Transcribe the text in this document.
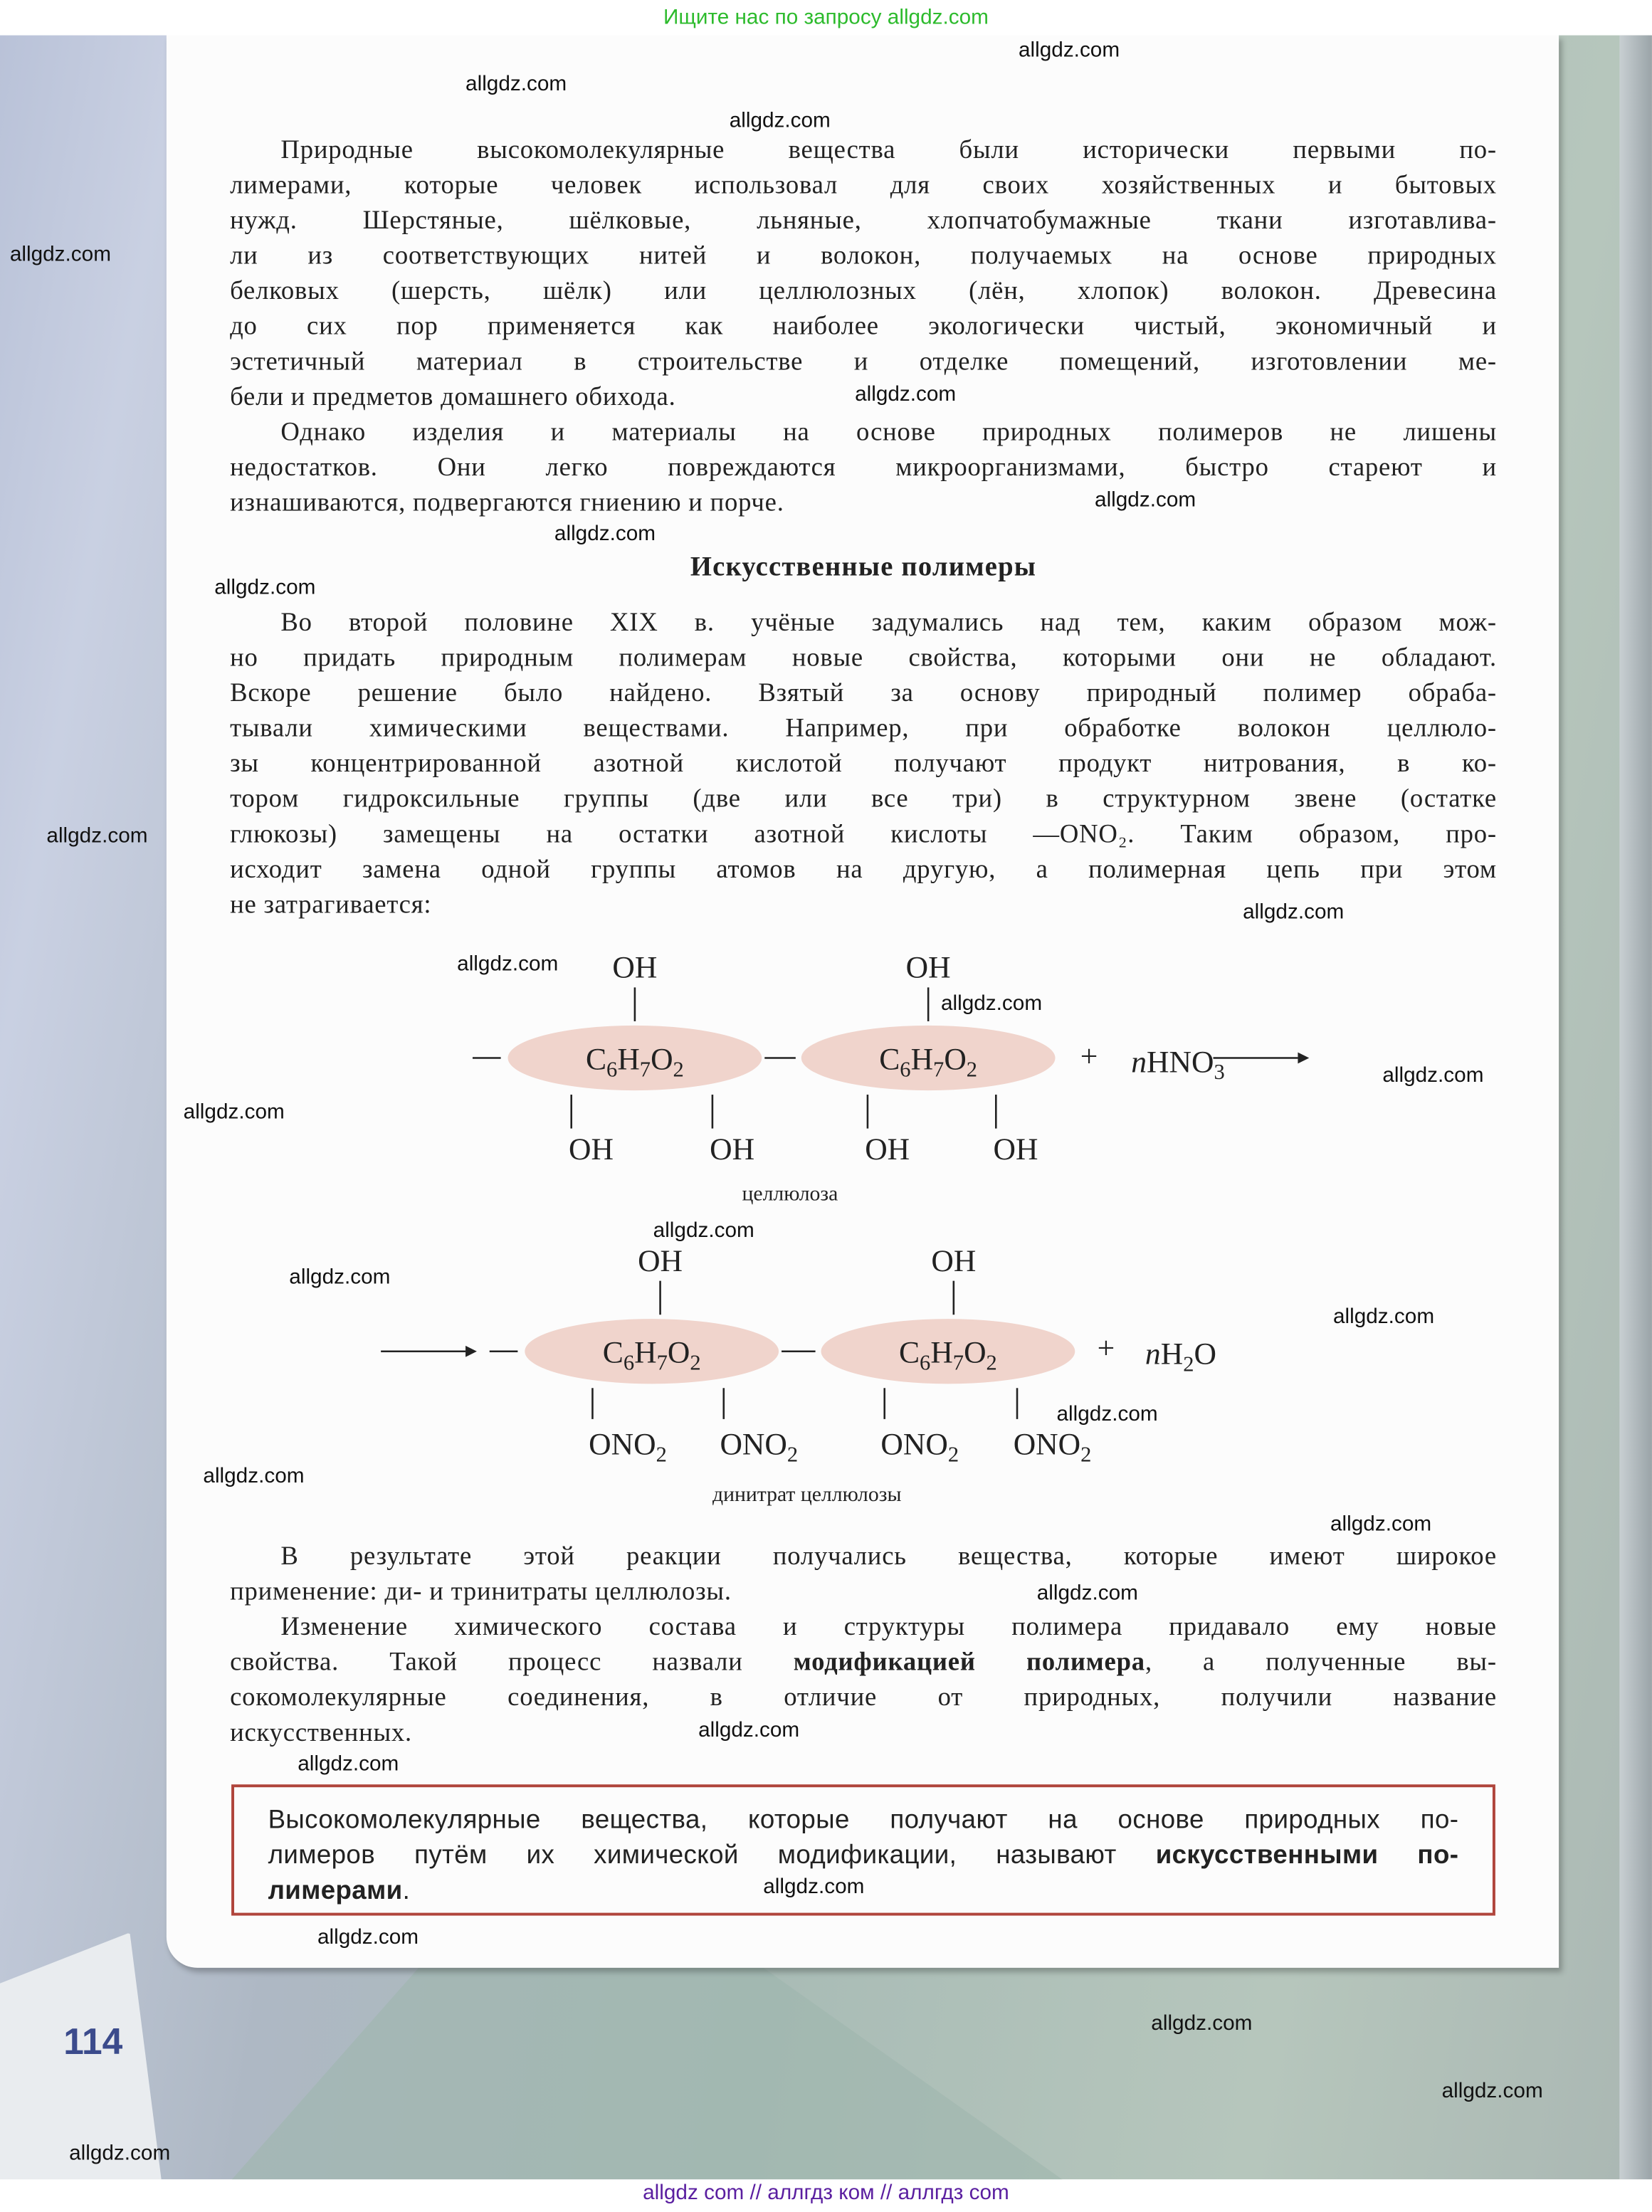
Ищите нас по запросу allgdz.com
allgdz com // аллгдз ком // аллгдз com
114
Природные высокомолекулярные вещества были исторически первыми по-
лимерами, которые человек использовал для своих хозяйственных и бытовых
нужд. Шерстяные, шёлковые, льняные, хлопчатобумажные ткани изготавлива-
ли из соответствующих нитей и волокон, получаемых на основе природных
белковых (шерсть, шёлк) или целлюлозных (лён, хлопок) волокон. Древесина
до сих пор применяется как наиболее экологически чистый, экономичный и
эстетичный материал в строительстве и отделке помещений, изготовлении ме-
бели и предметов домашнего обихода.
Однако изделия и материалы на основе природных полимеров не лишены
недостатков. Они легко повреждаются микроорганизмами, быстро стареют и
изнашиваются, подвергаются гниению и порче.
Искусственные полимеры
Во второй половине XIX в. учёные задумались над тем, каким образом мож-
но придать природным полимерам новые свойства, которыми они не обладают.
Вскоре решение было найдено. Взятый за основу природный полимер обраба-
тывали химическими веществами. Например, при обработке волокон целлюло-
зы концентрированной азотной кислотой получают продукт нитрования, в ко-
тором гидроксильные группы (две или все три) в структурном звене (остатке
глюкозы) замещены на остатки азотной кислоты —ONO₂. Таким образом, про-
исходит замена одной группы атомов на другую, а полимерная цепь при этом
не затрагивается:
$C_6H_7O_2$	$C_6H_7O_2$
OH	OH
OH	OH	OH	OH
+ nHNO$_3$
целлюлоза
$C_6H_7O_2$	$C_6H_7O_2$
OH	OH
$ONO_2$	$ONO_2$	$ONO_2$	$ONO_2$
+ $nH_2O$
динитрат целлюлозы
В результате этой реакции получались вещества, которые имеют широкое
применение: ди- и тринитраты целлюлозы.
Изменение химического состава и структуры полимера придавало ему новые
свойства. Такой процесс назвали модификацией полимера, а полученные вы-
сокомолекулярные соединения, в отличие от природных, получили название
искусственных.
Высокомолекулярные вещества, которые получают на основе природных по-
лимеров путём их химической модификации, называют искусственными по-
лимерами.
allgdz.com
allgdz.com
allgdz.com
allgdz.com
allgdz.com
allgdz.com
allgdz.com
allgdz.com
allgdz.com
allgdz.com
allgdz.com
allgdz.com
allgdz.com
allgdz.com
allgdz.com
allgdz.com
allgdz.com
allgdz.com
allgdz.com
allgdz.com
allgdz.com
allgdz.com
allgdz.com
allgdz.com
allgdz.com
allgdz.com
allgdz.com
allgdz.com
